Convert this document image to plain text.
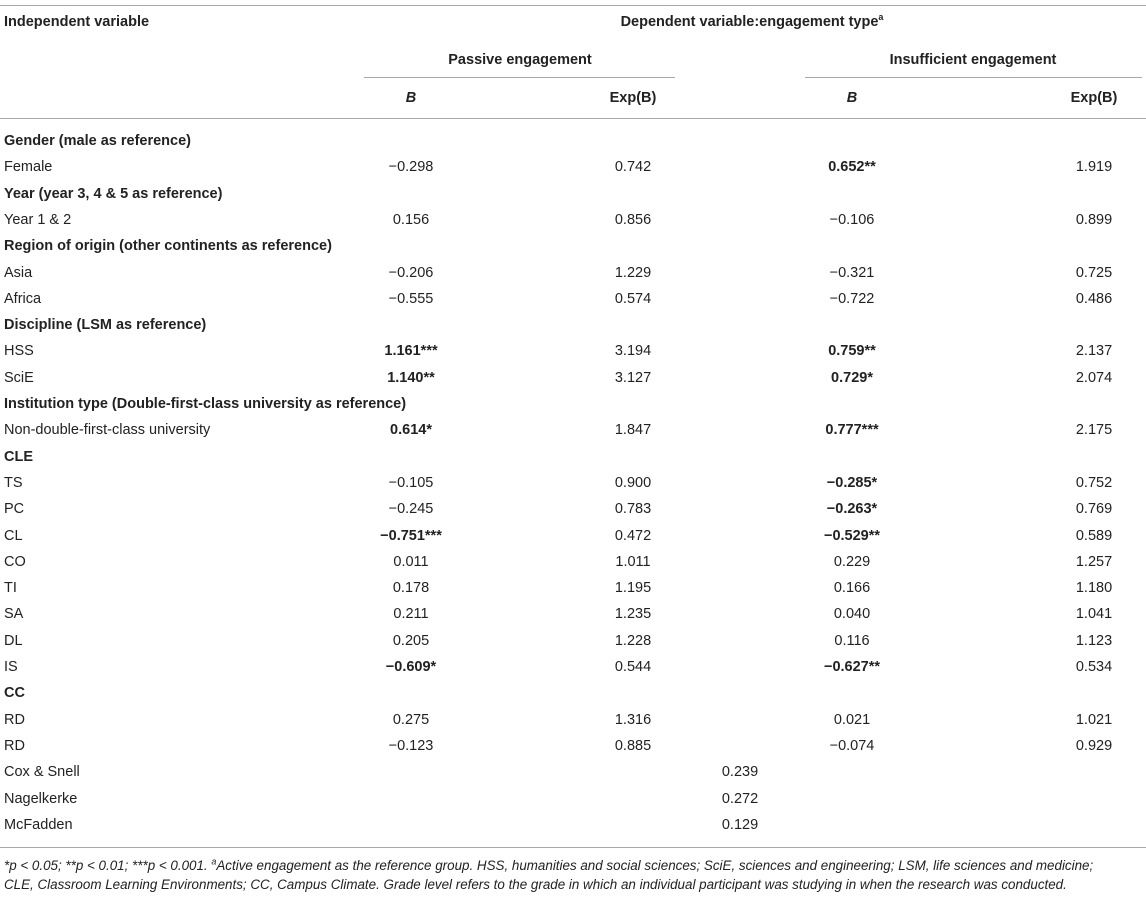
Independent variable	Dependent variable:engagement type$^a$
Passive engagement	Insufficient engagement
B	Exp(B)	B	Exp(B)
Gender (male as reference)
Female	−0.298	0.742	0.652**	1.919
Year (year 3, 4 & 5 as reference)
Year 1 & 2	0.156	0.856	−0.106	0.899
Region of origin (other continents as reference)
Asia	−0.206	1.229	−0.321	0.725
Africa	−0.555	0.574	−0.722	0.486
Discipline (LSM as reference)
HSS	1.161***	3.194	0.759**	2.137
SciE	1.140**	3.127	0.729*	2.074
Institution type (Double-first-class university as reference)
Non-double-first-class university	0.614*	1.847	0.777***	2.175
CLE
TS	−0.105	0.900	−0.285*	0.752
PC	−0.245	0.783	−0.263*	0.769
CL	−0.751***	0.472	−0.529**	0.589
CO	0.011	1.011	0.229	1.257
TI	0.178	1.195	0.166	1.180
SA	0.211	1.235	0.040	1.041
DL	0.205	1.228	0.116	1.123
IS	−0.609*	0.544	−0.627**	0.534
CC
RD	0.275	1.316	0.021	1.021
RD	−0.123	0.885	−0.074	0.929
Cox & Snell	0.239
Nagelkerke	0.272
McFadden	0.129
*p < 0.05; **p < 0.01; ***p < 0.001. $^a$Active engagement as the reference group. HSS, humanities and social sciences; SciE, sciences and engineering; LSM, life sciences and medicine;
CLE, Classroom Learning Environments; CC, Campus Climate. Grade level refers to the grade in which an individual participant was studying in when the research was conducted.
